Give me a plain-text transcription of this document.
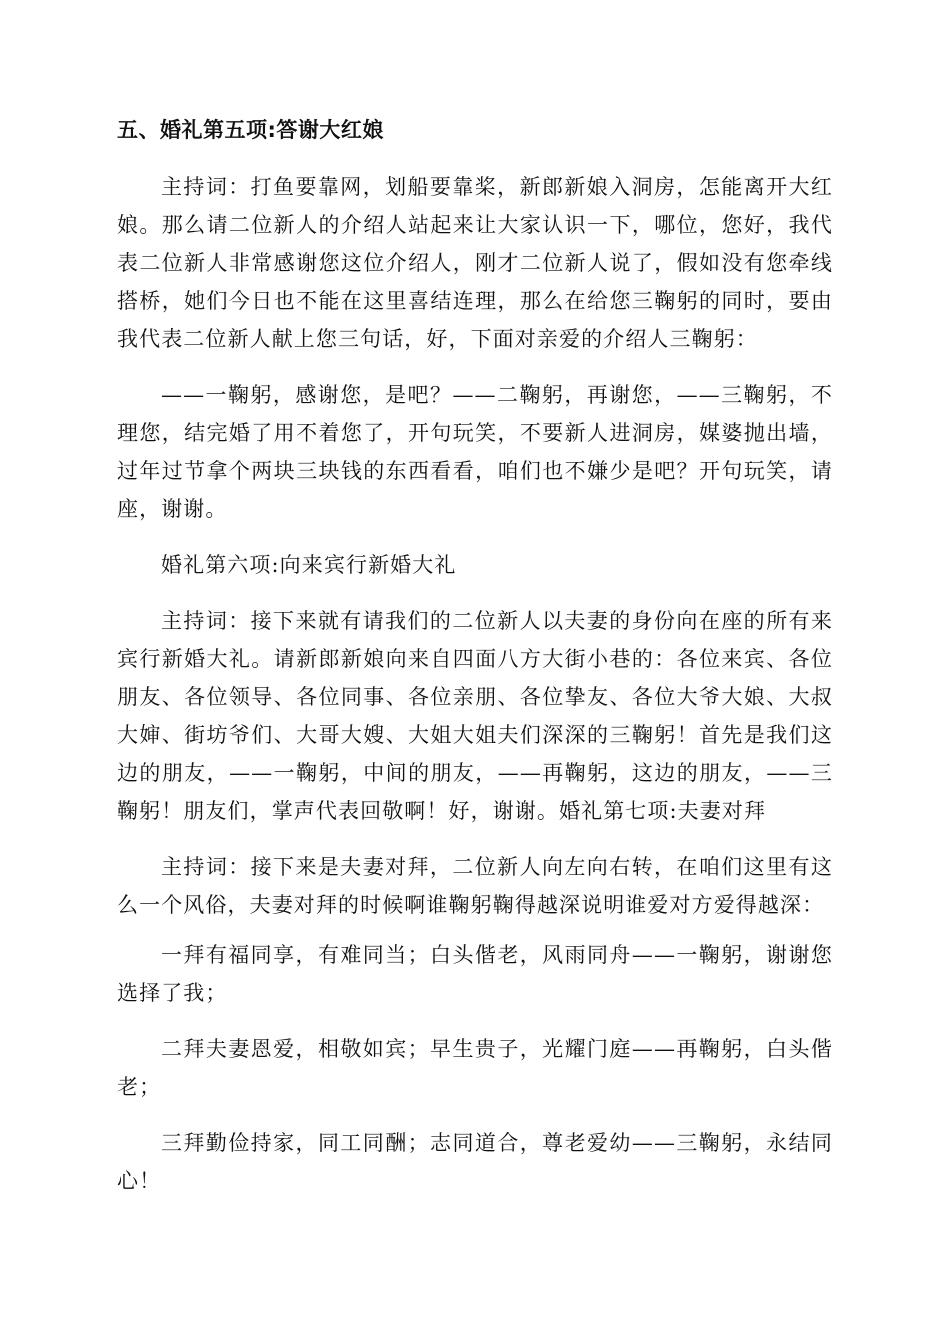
五、婚礼第五项:答谢大红娘

主持词：打鱼要靠网，划船要靠桨，新郎新娘入洞房，怎能离开大红娘。那么请二位新人的介绍人站起来让大家认识一下，哪位，您好，我代表二位新人非常感谢您这位介绍人，刚才二位新人说了，假如没有您牵线搭桥，她们今日也不能在这里喜结连理，那么在给您三鞠躬的同时，要由我代表二位新人献上您三句话，好，下面对亲爱的介绍人三鞠躬：

——一鞠躬，感谢您，是吧？——二鞠躬，再谢您，——三鞠躬，不理您，结完婚了用不着您了，开句玩笑，不要新人进洞房，媒婆抛出墙，过年过节拿个两块三块钱的东西看看，咱们也不嫌少是吧？开句玩笑，请座，谢谢。

婚礼第六项:向来宾行新婚大礼

主持词：接下来就有请我们的二位新人以夫妻的身份向在座的所有来宾行新婚大礼。请新郎新娘向来自四面八方大街小巷的：各位来宾、各位朋友、各位领导、各位同事、各位亲朋、各位挚友、各位大爷大娘、大叔大婶、街坊爷们、大哥大嫂、大姐大姐夫们深深的三鞠躬！首先是我们这边的朋友，——一鞠躬，中间的朋友，——再鞠躬，这边的朋友，——三鞠躬！朋友们，掌声代表回敬啊！好，谢谢。婚礼第七项:夫妻对拜

主持词：接下来是夫妻对拜，二位新人向左向右转，在咱们这里有这么一个风俗，夫妻对拜的时候啊谁鞠躬鞠得越深说明谁爱对方爱得越深：

一拜有福同享，有难同当；白头偕老，风雨同舟——一鞠躬，谢谢您选择了我；

二拜夫妻恩爱，相敬如宾；早生贵子，光耀门庭——再鞠躬，白头偕老；

三拜勤俭持家，同工同酬；志同道合，尊老爱幼——三鞠躬，永结同心！
